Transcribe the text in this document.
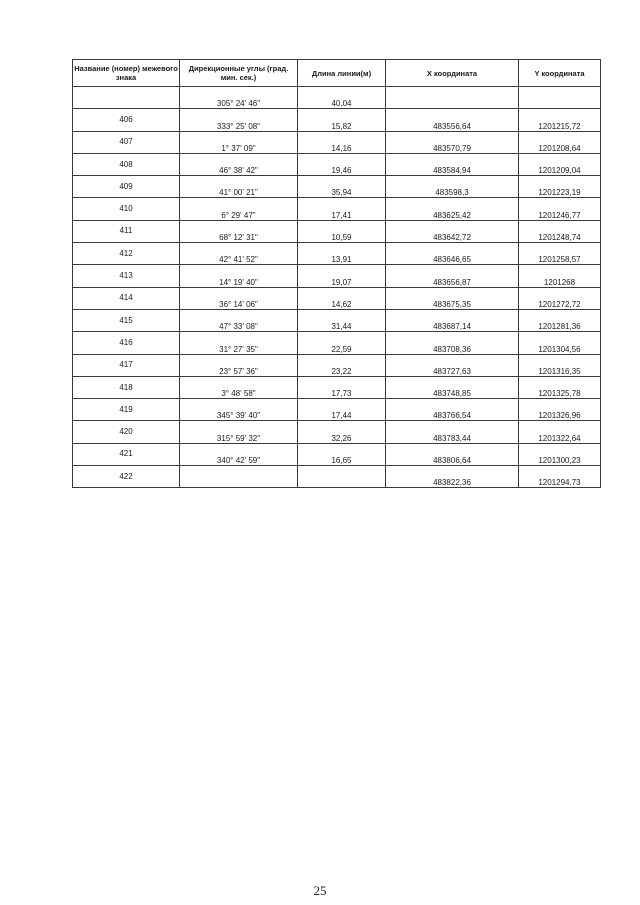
Название (номер) межевого знака	Дирекционные углы (град. мин. сек.)	Длина линии(м)	X координата	Y координата
	305° 24' 46"	40,04		
406	333° 25' 08"	15,82	483556,64	1201215,72
407	1° 37' 09"	14,16	483570,79	1201208,64
408	46° 38' 42"	19,46	483584,94	1201209,04
409	41° 00' 21"	35,94	483598,3	1201223,19
410	6° 29' 47"	17,41	483625,42	1201246,77
411	68° 12' 31"	10,59	483642,72	1201248,74
412	42° 41' 52"	13,91	483646,65	1201258,57
413	14° 19' 40"	19,07	483656,87	1201268
414	36° 14' 06"	14,62	483675,35	1201272,72
415	47° 33' 08"	31,44	483687,14	1201281,36
416	31° 27' 35"	22,59	483708,36	1201304,56
417	23° 57' 36"	23,22	483727,63	1201316,35
418	3° 48' 58"	17,73	483748,85	1201325,78
419	345° 39' 40"	17,44	483766,54	1201326,96
420	315° 59' 32"	32,26	483783,44	1201322,64
421	340° 42' 59"	16,65	483806,64	1201300,23
422			483822,36	1201294,73
25
